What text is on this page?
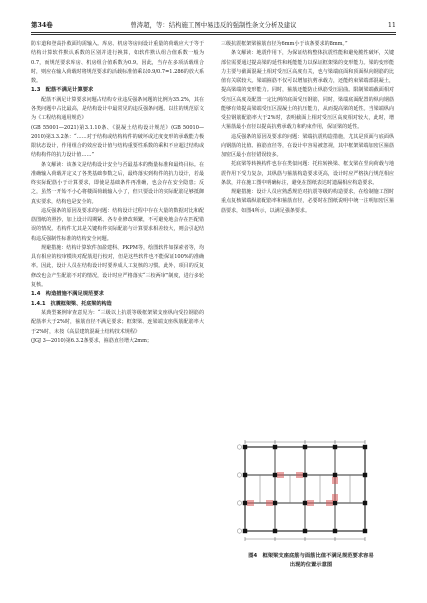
第34卷	曾涛超，等：结构施工图中易违反的强制性条文分析及建议	11

防车道和登高扑救面均需输入。库房、机房等房间设计重量的荷载应大于等于结构计算软件默认系数的区别并进行换算，如软件默认组合值系数一般为0.7，而规范要求库房、机房组合值系数为0.9。因此，当存在多项活载组合时，则应在输入荷载时将规范要求的活载标准值乘以0.9/0.7=1.286的放大系数。

1.3　配筋不满足计算要求

配筋不满足计算要求问题占结构专业违反强条问题的比例为35.2%，其在各类问题中占比最高，是结构设计中最常见的违反强条问题。以往的规范原文为《工程结构通用规范》

(GB 55001—2021)第3.1.10条、《混凝土结构设计规范》(GB 50010—2010)第3.3.2条：“……对于结构或结构构件的破坏或过度变形的承载能力极限状态设计，作用组合的效应设计值与结构重要性系数的乘积不应超过结构或结构构件的抗力设计值……”

条文解读：该条文是结构设计安全与否最基本的衡量标准和最终目标。在准确输入荷载并定义了各类基础参数之后，最终落实到构件的抗力设计，若最终实际配筋小于计算要求，即使是基础条件再准确，也会存在安全隐患；反之，虽然一开始不小心将楼面荷载输入小了，但只要设计的实际配筋足够抵御真实要求，结构也是安全的。

违反强条的原因及要求的问题：结构设计过程中存在大量的数据对比和配筋图纸的照抄，加上设计周期紧、各专业修改频繁，不可避免地会存在匹配错误的情况。若构件尤其是关键构件实际配筋与计算要求相差较大，则会引起结构违反强制性标准的结构安全问题。

规避措施：结构计算软件加盈建科、PKPM等，绘图软件如探索者等，均具有相应的校审模块对配筋进行校对，但是这些软件也不能保证100%的准确率。因此，设计人员在结构设计时要养成人工复核的习惯。此外，项目的反复修改也会产生配筋不对的情况，设计时应严格落实“三校两审”制度，进行多轮复核。

1.4　构造措施不满足规范要求
1.4.1　抗震框架梁、托底梁的构造

某典型案例审查意见为：“三级以上抗震等级框架梁支座纵向受拉钢筋的配筋率大于2%时，箍筋直径不满足要求；框架梁、连梁端支座纵筋配筋率大于2%时，未按《高层建筑混凝土结构技术规程》

(JGJ 3—2010)第6.3.2条要求，箍筋直径增大2mm；

三级抗震框架梁箍筋直径为6mm小于该条要求的8mm。”

条文解读：地震作用下，为保证结构整体抗震性能和避免脆性破坏，关键部位需要通过提高梁的延性和耗能能力以保证框架梁的变形能力。梁的变形能力主要与截面混凝土相对受压区高度有关，也与梁端底面和顶面纵向钢筋的比值有关联较大。梁端箍筋不仅可以增加抗剪承载力，还能约束梁端部混凝土，提高梁端的变形能力。同时，箍筋还能防止纵筋受压屈曲。限制梁端截面相对受压区高度及配置一定比例的底面受压钢筋，同时，梁端底面配置的纵向钢筋能够有效提高梁端受压区混凝土的抗压能力，从而提高梁的延性。当梁端纵向受拉钢筋配筋率大于2%时，表明截面上相对受压区高度相对较大，此时，增大箍筋最小直径以提高抗剪承载力和约束作用，保证梁的延性。

违反强条的原因及要求的问题：梁端抗震构造措施，尤其是顶面与底面纵向钢筋的比值、箍筋直径等，在设计中容易被忽视，其中框架梁端加密区箍筋加密区最小直径错误较多。

托底梁等转换构件也存在类似问题：托柱转换梁、框支梁在竖向荷载与地震作用下受力复杂，其纵筋与箍筋构造要求更高，设计时应严格执行规范相应条款，并在施工图中明确标注，避免在图纸表达时遗漏相应构造要求。

规避措施：设计人员应熟悉规范对抗震等级的构造要求，在绘制施工图时重点复核梁端纵筋配筋率和箍筋直径，必要时在图纸说明中统一注明加密区箍筋要求，如图4所示，以满足强条要求。

图4　框架梁支座底筋与面筋比值不满足规范要求容易
出现的位置示意图
